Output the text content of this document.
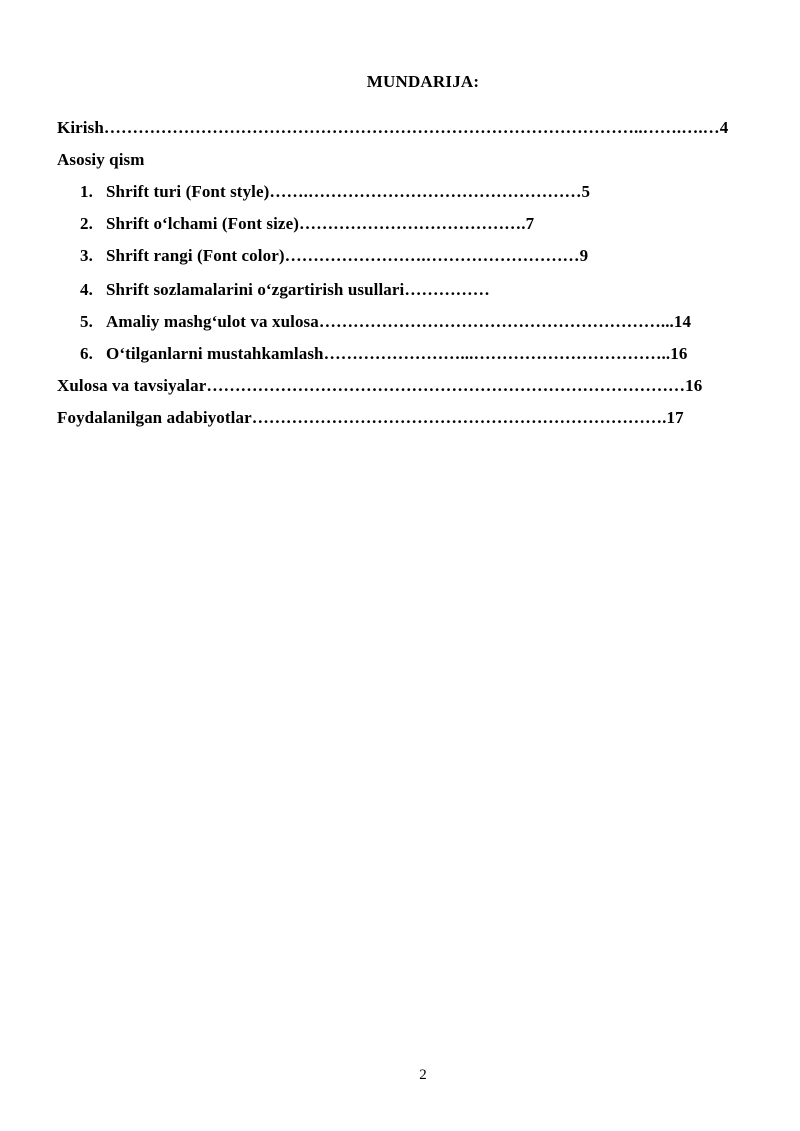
MUNDARIJA:
Kirish…………………………………………………………………………………..…….….…4
Asosiy qism
1. Shrift turi (Font style)…….…………………………………………5
2. Shrift o‘lchami (Font size)………………………………….7
3. Shrift rangi (Font color)…………………….………………………9
4. Shrift sozlamalarini o‘zgartirish usullari……………
5. Amaliy mashg‘ulot va xulosa……………………………………………………...14
6. O‘tilganlarni mustahkamlash……………………...……………………………..16
Xulosa va tavsiyalar…………………………………………………………………………16
Foydalanilgan adabiyotlar……………………………………………………………….17
2
